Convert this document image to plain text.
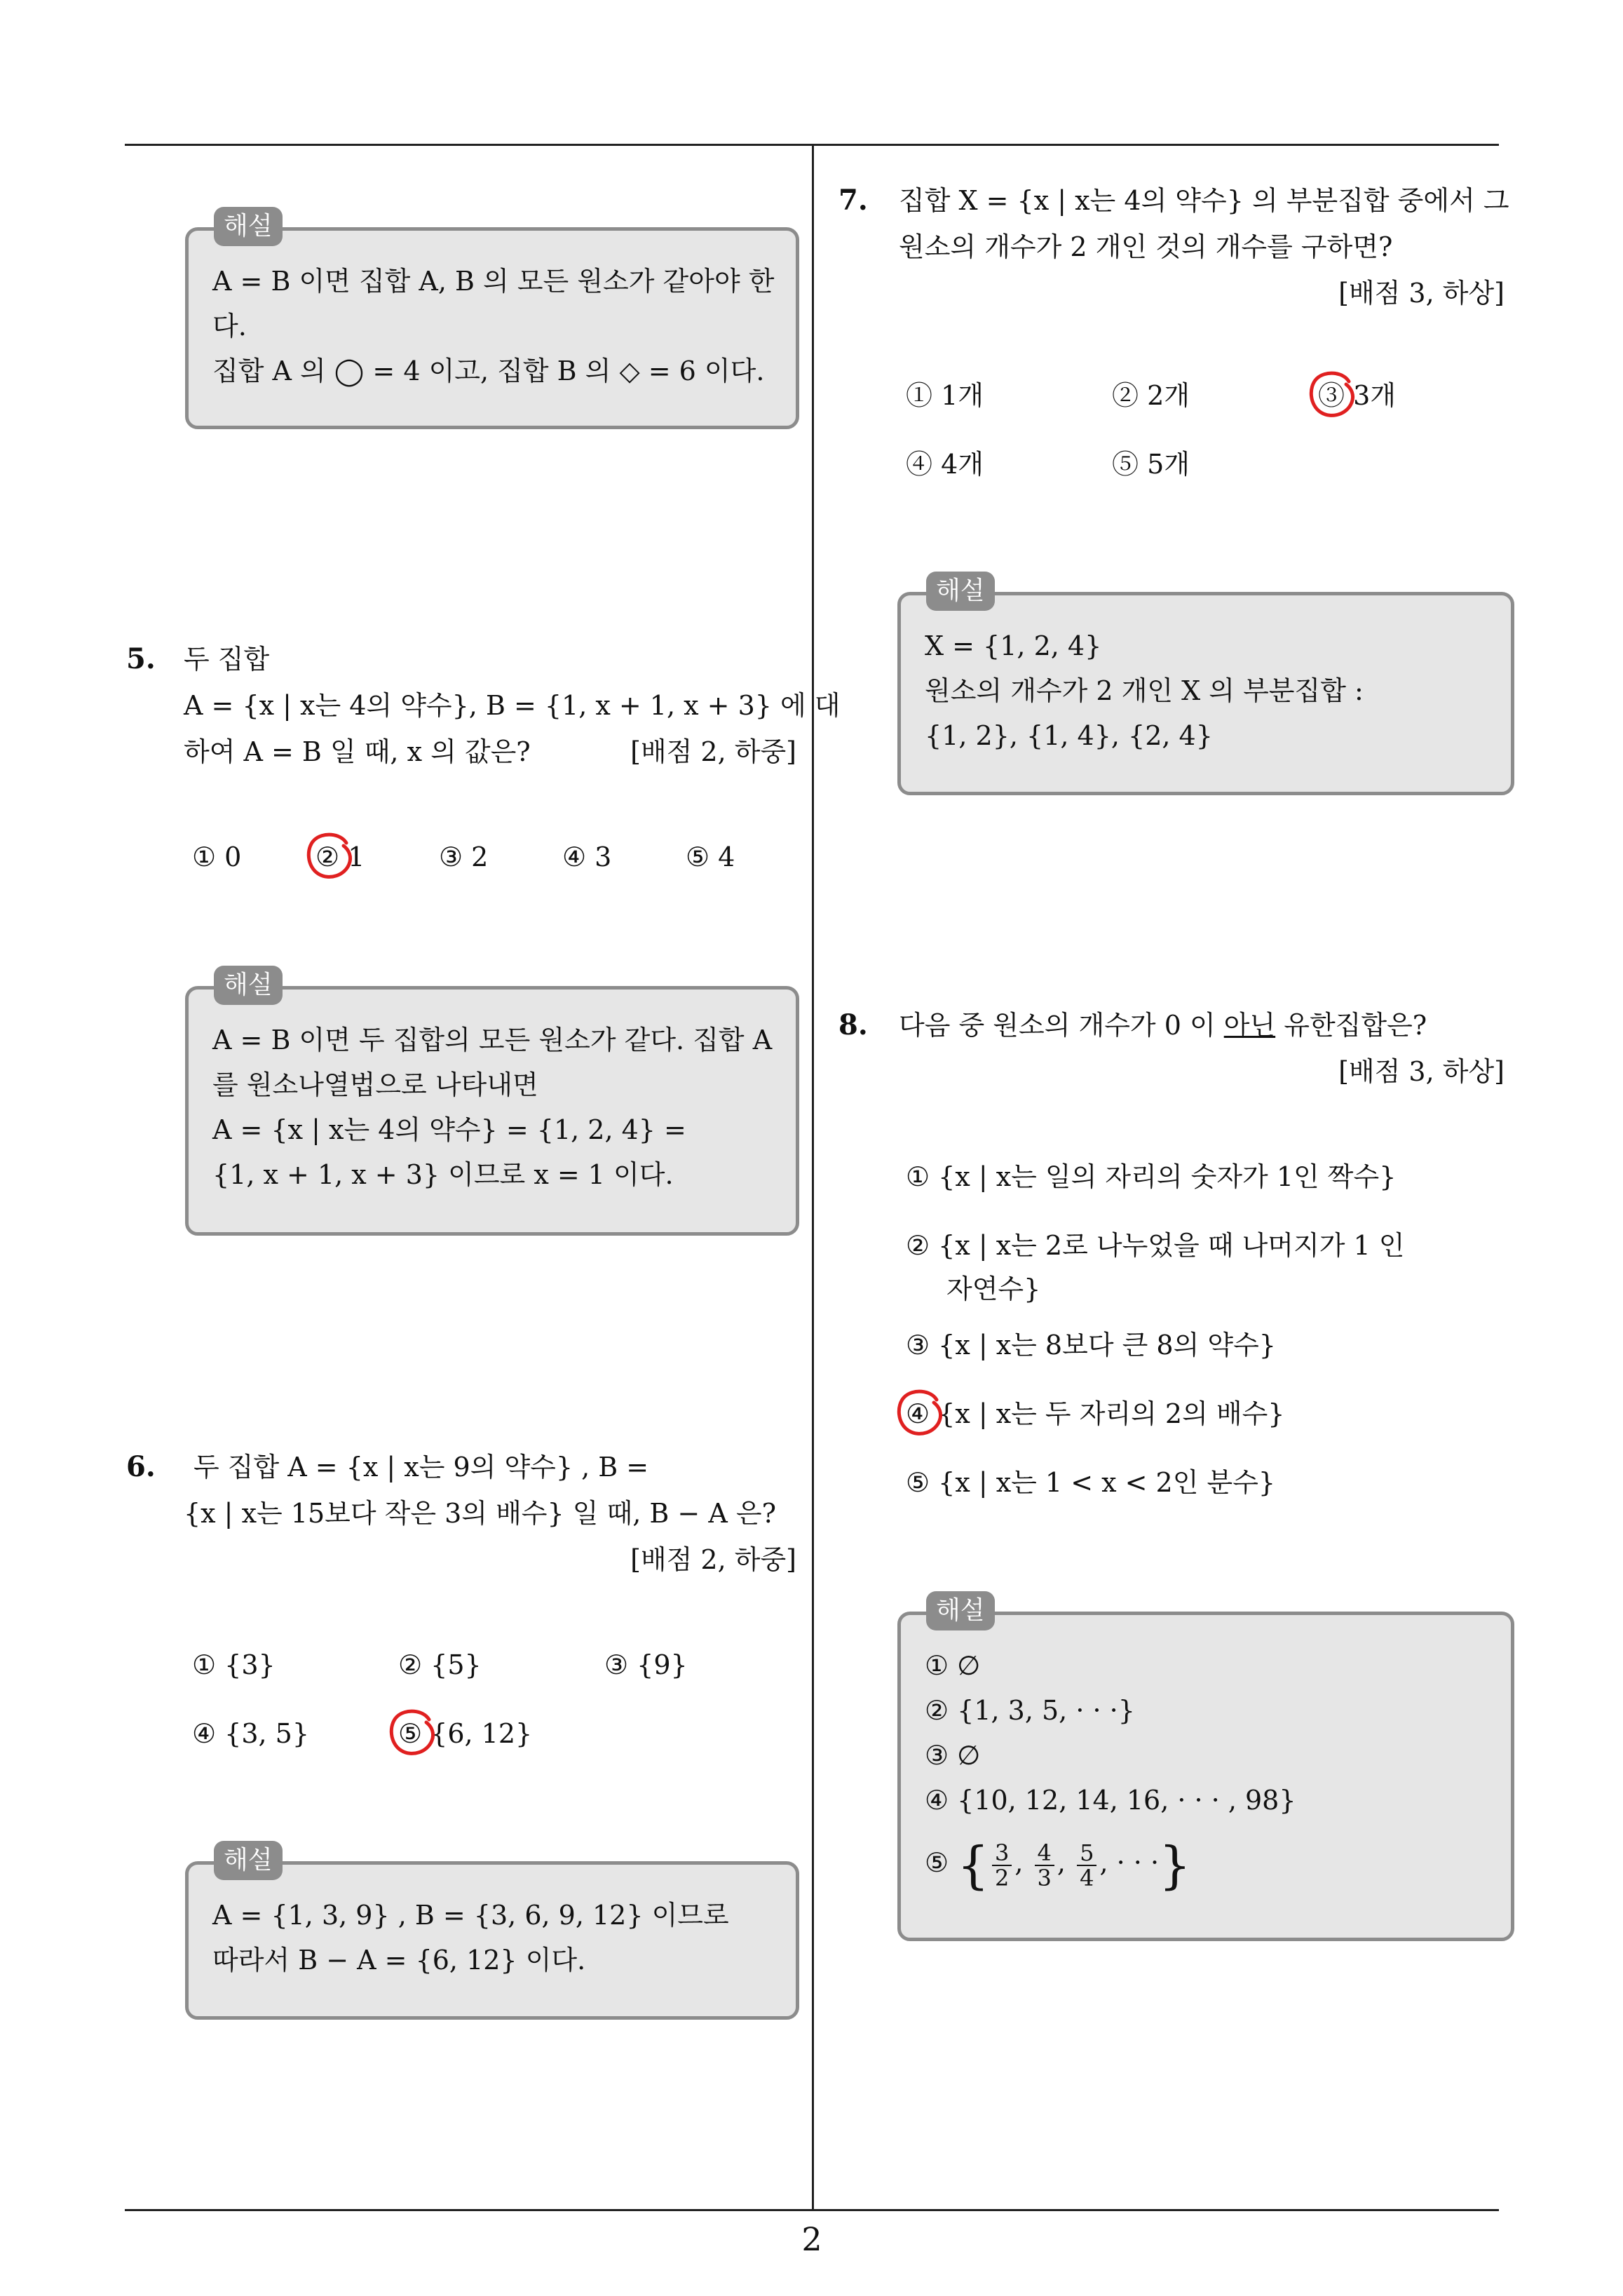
해설
A = B 이면 집합 A, B 의 모든 원소가 같아야 한
다.
집합 A 의 ◯ = 4 이고, 집합 B 의 ◇ = 6 이다.
5. 두 집합
A = {x | x는 4의 약수}, B = {1, x + 1, x + 3} 에 대
하여 A = B 일 때, x 의 값은?	[배점 2, 하중]
① 0	② 1	③ 2	④ 3	⑤ 4
해설
A = B 이면 두 집합의 모든 원소가 같다. 집합 A
를 원소나열법으로 나타내면
A = {x | x는 4의 약수} = {1, 2, 4} =
{1, x + 1, x + 3} 이므로 x = 1 이다.
6. 두 집합 A = {x | x는 9의 약수} , B =
{x | x는 15보다 작은 3의 배수} 일 때, B − A 은?
[배점 2, 하중]
① {3}	② {5}	③ {9}
④ {3, 5}	⑤ {6, 12}
해설
A = {1, 3, 9} , B = {3, 6, 9, 12} 이므로
따라서 B − A = {6, 12} 이다.
7. 집합 X = {x | x는 4의 약수} 의 부분집합 중에서 그
원소의 개수가 2 개인 것의 개수를 구하면?
[배점 3, 하상]
① 1개	② 2개	③ 3개
④ 4개	⑤ 5개
해설
X = {1, 2, 4}
원소의 개수가 2 개인 X 의 부분집합 :
{1, 2}, {1, 4}, {2, 4}
8. 다음 중 원소의 개수가 0 이 아닌 유한집합은?
[배점 3, 하상]
① {x | x는 일의 자리의 숫자가 1인 짝수}
② {x | x는 2로 나누었을 때 나머지가 1 인
자연수}
③ {x | x는 8보다 큰 8의 약수}
④ {x | x는 두 자리의 2의 배수}
⑤ {x | x는 1 < x < 2인 분수}
해설
① ∅
② {1, 3, 5, · · ·}
③ ∅
④ {10, 12, 14, 16, · · · , 98}
⑤ { $\frac{3}{2}$ , $\frac{4}{3}$ , $\frac{5}{4}$ , · · ·}
2
